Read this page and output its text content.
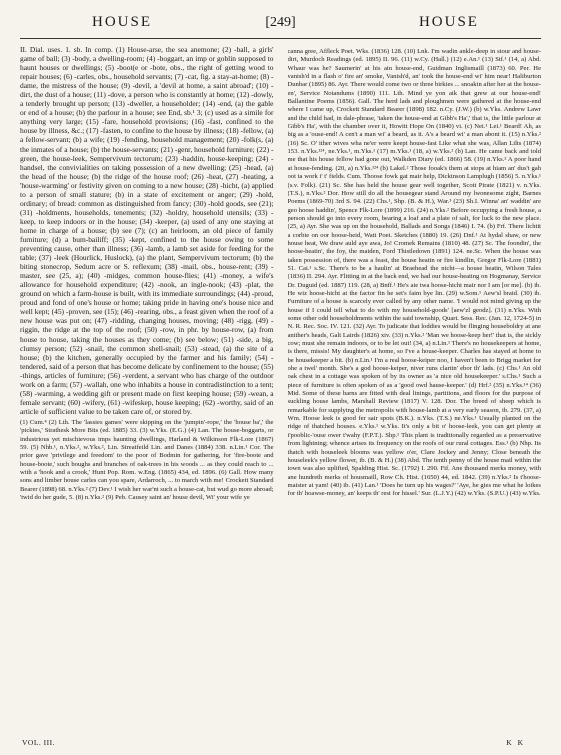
HOUSE	[249]	HOUSE

II. Dial. uses. 1. sb. In comp. (1) House-arse, the sea anemone; (2) -ball, a girls' game of ball; (3) -body, a dwelling-room; (4) -boggart, an imp or goblin supposed to haunt houses or dwellings; (5) -boot(e or -bote, obs., the right of getting wood to repair houses; (6) -carles, obs., household servants; (7) -cat, fig. a stay-at-home; (8) -dame, the mistress of the house; (9) -devil, a 'devil at home, a saint abroad'; (10) -dirt, the dust of a house; (11) -dove, a person who is constantly at home; (12) -dowly, a tenderly brought up person; (13) -dweller, a householder; (14) -end, (a) the gable or end of a house; (b) the parlour in a house; see End, sb.¹ 3; (c) used as a simile for anything very large; (15) -fare, household provisions; (16) -fast, confined to the house by illness, &c.; (17) -fasten, to confine to the house by illness; (18) -fellow, (a) a fellow-servant; (b) a wife; (19) -fending, household management; (20) -folk(s, (a) the inmates of a house; (b) the house-servants; (21) -genr, household furniture; (22) -green, the house-leek, Sempervivum tectorum; (23) -haddin, house-keeping; (24) -handsel, the convivialities on taking possession of a new dwelling; (25) -head, (a) the head of the house; (b) the ridge of the house roof; (26) -heat, (27) -heating, a 'house-warming' or festivity given on coming to a new house; (28) -hicht, (a) applied to a person of small stature; (b) in a state of excitement or anger; (29) -hold, ordinary; of bread: common as distinguished from fancy; (30) -hold goods, see (21); (31) -holdments, households, tenements; (32) -holdry, household utensils; (33) -keep, to keep indoors or in the house; (34) -keeper, (a) used of any one staying at home in charge of a house; (b) see (7); (c) an heirloom, an old piece of family furniture; (d) a bum-bailiff; (35) -kept, confined to the house owing to some preventing cause, other than illness; (36) -lamb, a lamb set aside for feeding for the table; (37) -leek (Hourlick, Huslock), (a) the plant, Sempervivum tectorum; (b) the biting stonecrop, Sedum acre or S. reflexum; (38) -mail, obs., house-rent; (39) -master, see (25, a); (40) -midges, common house-flies; (41) -money, a wife's allowance for household expenditure; (42) -nook, an ingle-nook; (43) -plat, the ground on which a farm-house is built, with its immediate surroundings; (44) -proud, proud and fond of one's house or home; taking pride in having one's house nice and well kept; (45) -proven, see (15); (46) -rearing, obs., a feast given when the roof of a new house was put on; (47) -ridding, changing houses, moving; (48) -rigg, (49) -riggin, the ridge at the top of the roof; (50) -row, in phr. by house-row, (a) from house to house, taking the houses as they come; (b) see below; (51) -side, a big, clumsy person; (52) -snail, the common shell-snail; (53) -stead, (a) the site of a house; (b) the kitchen, generally occupied by the farmer and his family; (54) -tendered, said of a person that has become delicate by confinement to the house; (55) -things, articles of furniture; (56) -verdent, a servant who has charge of the outdoor work on a farm; (57) -wallah, one who inhabits a house in contradistinction to a tent; (58) -warming, a wedding gift or present made on first keeping house; (59) -wean, a female servant; (60) -wifery, (61) -wifeskep, house keeping; (62) -worthy, said of an article of sufficient value to be taken care of, or stored by.

(1) Cum.⁴ (2) Lth. The 'lassies games' were skipping on the 'jumpin'-rope,' the 'house ba',' the 'pickies,' Strathesk More Bits (ed. 1885) 33. (3) w.Yks. (E.G.) (4) Lan. The house-boggarts, or industrious yet mischievous imps haunting dwellings, Harland & Wilkinson Flk-Lore (1867) 59. (5) Nhb.¹, n.Yks.², w.Yks.², Lin. Streatfeild Lin. and Danes (1884) 338. n.Lin.¹ Cor. The prior gave 'privilege and freedom' to the poor of Bodmin for gathering, for 'fire-boote and house-boote,' such boughs and branches of oak-trees in his woods ... as they could reach to ... with a 'hook and a crook,' Hunt Pop. Rom. w.Eng. (1865) 434, ed. 1896. (6) Gall. How many sons and limber house carles can you spare, Ardarroch, ... to march with me! Crockett Standard Bearer (1898) 68. n.Yks.² (7) Dev.¹ I wish her war'nt such a house-cat, but wud go more abroad; 'twid do her gude, 5. (8) n.Yks.² (9) Peb. Causey saint an' house devil, Wi' your wife ye

canna gree, Affleck Poet. Wks. (1836) 128. (10) Lnk. I'm wadin ankle-deep in stour and house-dirt, Murdoch Readings (ed. 1895) II. 96. (11) w.Cy. (Hall.) (12) e.An.¹ (13) Stf.¹ (14, a) Abd. Whaur was he? Saumerin' at his ain house-end, Guidman Inglismaill (1873) 60. Per. He vanish'd in a flash o' fire an' smoke, Vanish'd, an' took the house-end wi' him near! Haliburton Dunbar (1895) 86. Ayr. There would come two or three birkies ... snoakin after her at the house-en', Service Notandums (1890) 111. Lth. Mind ye yon aik that grew at our house-end! Ballantine Poems (1856). Gall. The herd lads and ploughmen were gathered at the house-end where I came up, Crockett Standard Bearer (1898) 182. n.Cy. (J.W.) (b) w.Yks. Andrew Lawr and the child had, in dale-phrase, 'taken the house-end at Gibb's Ha',' that is, the little parlour at Gibb's Ha', with the chamber over it, Howitt Hope On (1840) vi. (c) Nei.¹ Lei.¹ Beard! Ah, as big as a 'ouse-end! A cen't a man wi' a beard, as it. A's a beard wi' a man abont it. (15) n.Yks.² (16) Sc. O' ither wives wha ne'er were keept house-fast Like what she was, Allan Lilts (1874) 153. n.Yks.¹²⁴, ne.Yks.¹, m.Yks.¹ (17) m.Yks.¹ (18, a) w.Yks.² (b) Lan. He came back and told me that his house fellow had gone out, Walkden Diary (ed. 1866) 58. (19) n.Yks.² A poor hand at house-fending. (20, a) n.Yks.¹²⁴ (b) Lakel.² Those fooak's them at stops at hiam an' dus't gah oot ta work i' t' fields. Cum. Thoose fowk gat mair help, Dickinson Lamplugh (1856) 5. n.Yks.¹ (s.v. Folk). (21) Sc. She has held the house gear well together, Scott Pirate (1821) v. n.Yks. (T.S.), n.Yks.² Dor. How still do all the housegear stand Around my lwonesome zight, Barnes Poems (1869-70) 3rd S. 94. (22) Chs.¹, Shp. (B. & H.), War.³ (23) Sh.I. Winna' an' waddin' are geo hoose haddin', Spence Flk-Lore (1899) 216. (24) n.Yks.² Before occupying a fresh house, a person should go into every room, bearing a loaf and a plate of salt, for luck to the new place. (25, a) Ayr. She was up on the household, Ballads and Songs (1846) I. 74. (b) Frf. There lichtit a corbie on oor hoose-heid, Watt Poet. Sketches (1880) 19. (26) Dnf.¹ At hydal shaw, or new house heat, We draw auld aye awa, Jo! Cromek Remains (1810) 48. (27) Sc. The foondin', the hoose-heatin', the foy, the maiden, Ford Thistledown (1891) 124. ne.Sc. When the house was taken possession of, there was a feast, the house heatin or fire kindlin, Gregor Flk-Lore (1881) 51. Cai.¹ s.Sc. There's to be a haulin' at Braehead the nicht—a house heatin, Wilson Tales (1836) II. 294. Ayr. Flitting in at the back end, we had our house-heating on Hogmanay, Service Dr. Duguid (ed. 1887) 119. (28, a) Bnff.¹ He's aie twa hoose-hicht mair nor I am [or me]. (b) ib. He wiz hoose-hicht at the factor fin he set's faim bye lin. (29) w.Som.¹ Aew'sl braid. (30) ib. Furniture of a house is scarcely ever called by any other name. 'I would not mind giving up the house if I could tell what to do with my household-goods' [aew'zl geodz]. (31) n.Yks. With some other odd householdments within the said township, Quart. Sess. Rec. (Jan. 12, 1724-5) in N. R. Rec. Soc. IV. 121. (32) Ayr. To judicate that loddies would be flinging houseboldry at ane anither's heads, Galt Lairds (1826) xiv. (33) n.Yks.² 'Man we hoose-keep her!' that is, the sickly cow; must she remain indoors, or to be let out! (34, a) n.Lin.¹ There's no housekeepers at home, is there, missis! My daughter's at home, so I've a house-keeper. Charles has stayed at home to be housekeeper a bit. (b) n.Lin.¹ I'm a real hoose-keiper noo, I haven't been to Brigg market for ohe a twel' month. She's a god hoose-keiper, niver runs clartin' ebor th' lads. (c) Chs.¹ An old oak chest in a cottage was spoken of by its owner as 'a nice old housekeeper.' s.Chs.¹ Such a piece of furniture is often spoken of as a 'good owd hause-keeper.' (d) Hrf.² (35) n.Yks.¹⁴ (36) Mid. Some of these barns are fitted with deal linings, partitions, and floors for the purpose of suckling house lambs, Marshall Review (1817) V. 128. Dor. The breed of sheep which is remarkable for supplying the metropolis with house-lamb at a very early season, ib. 279. (37, a) Wm. Hoose leek is good fer sair spots (B.K.). n.Yks. (T.S.) ne.Yks.¹ Usually planted on the ridge of thatched houses. e.Yks.¹ w.Yks. It's only a bit o' hoose-leek, you can get plenty at t'pooblic-'ouse ower t'wahy (F.P.T.). Shp.¹ This plant is traditionally regarded as a preservative from lightning; whence arises its frequency on the roofs of our rural cottages. Ess.¹ (b) Nhp. Its thatch with houseleek blooms was yellow o'er, Clare Jockey and Jenny; Close beneath the houseleek's yellow flower, ib. (B. & H.) (38) Abd. The tenth penny of the house mail within the town was also uplifted, Spalding Hist. Sc. (1792) I. 290. Fif. Ane thousand merks money, with ane hundreth merks of housmaill, Row Ch. Hist. (1650) 44, ed. 1842. (39) n.Yks.² Is t'hoose-maister at yam! (40) ib. (41) Lan.¹ 'Does he turn up his wages?' 'Aye, he gies me what he loikes for th' hoawse-money, an' keeps th' rest for hissel.' Sur. (L.J.Y.) (42) w.Yks. (S.P.U.) (43) w.Yks.

VOL. III.	K K
